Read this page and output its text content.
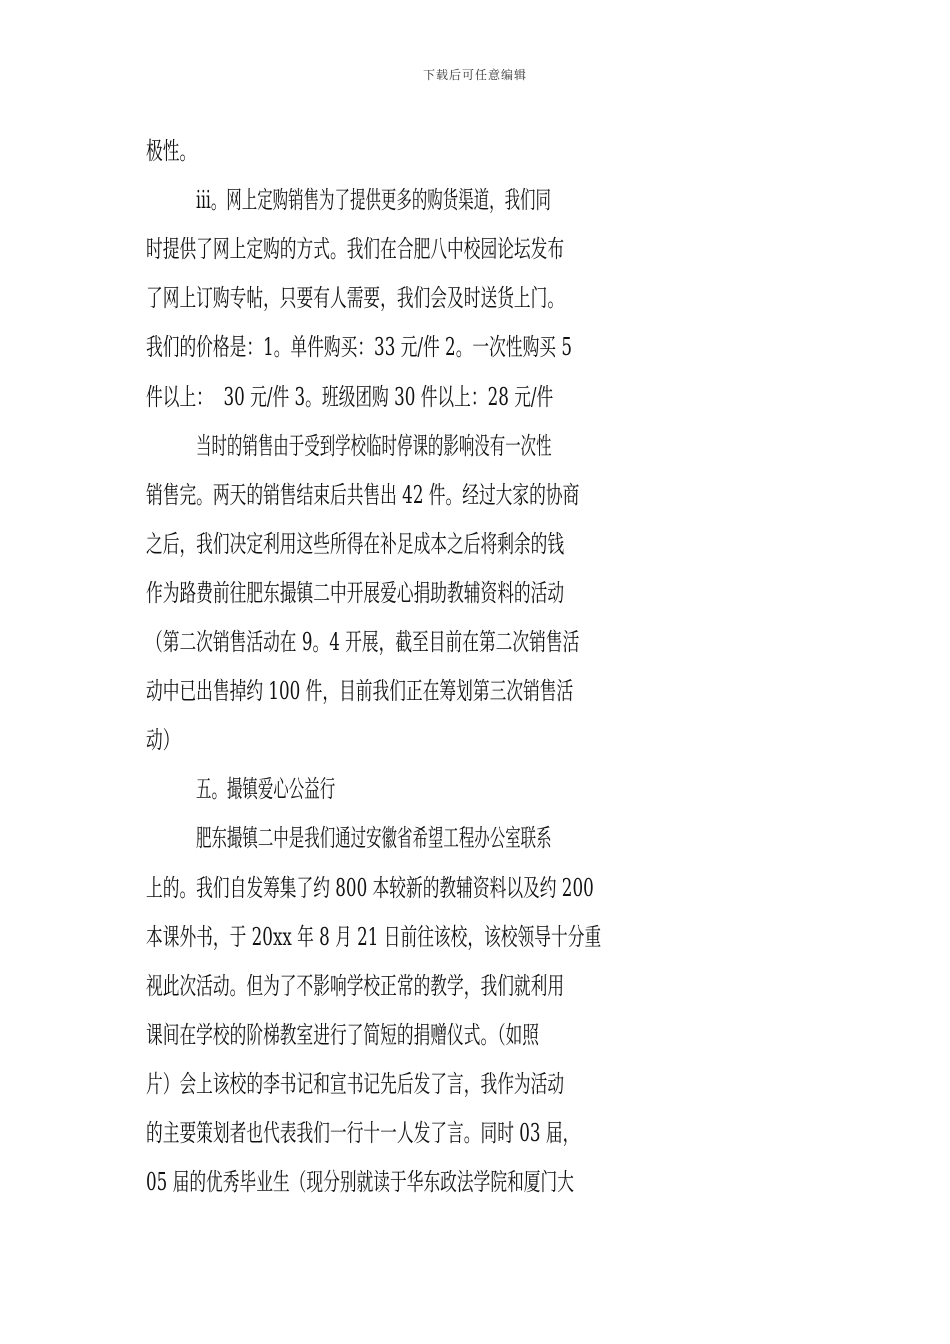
下载后可任意编辑
极性。
iii。网上定购销售为了提供更多的购货渠道，我们同
时提供了网上定购的方式。我们在合肥八中校园论坛发布
了网上订购专帖，只要有人需要，我们会及时送货上门。
我们的价格是：1。单件购买：33 元/件 2。一次性购买 5
件以上：  30 元/件 3。班级团购 30 件以上：28 元/件
当时的销售由于受到学校临时停课的影响没有一次性
销售完。两天的销售结束后共售出 42 件。经过大家的协商
之后，我们决定利用这些所得在补足成本之后将剩余的钱
作为路费前往肥东撮镇二中开展爱心捐助教辅资料的活动
（第二次销售活动在 9。4 开展，截至目前在第二次销售活
动中已出售掉约 100 件，目前我们正在筹划第三次销售活
动）
五。撮镇爱心公益行
肥东撮镇二中是我们通过安徽省希望工程办公室联系
上的。我们自发筹集了约 800 本较新的教辅资料以及约 200
本课外书，于 20xx 年 8 月 21 日前往该校，该校领导十分重
视此次活动。但为了不影响学校正常的教学，我们就利用
课间在学校的阶梯教室进行了简短的捐赠仪式。（如照
片）会上该校的李书记和宣书记先后发了言，我作为活动
的主要策划者也代表我们一行十一人发了言。同时 03 届，
05 届的优秀毕业生（现分别就读于华东政法学院和厦门大
